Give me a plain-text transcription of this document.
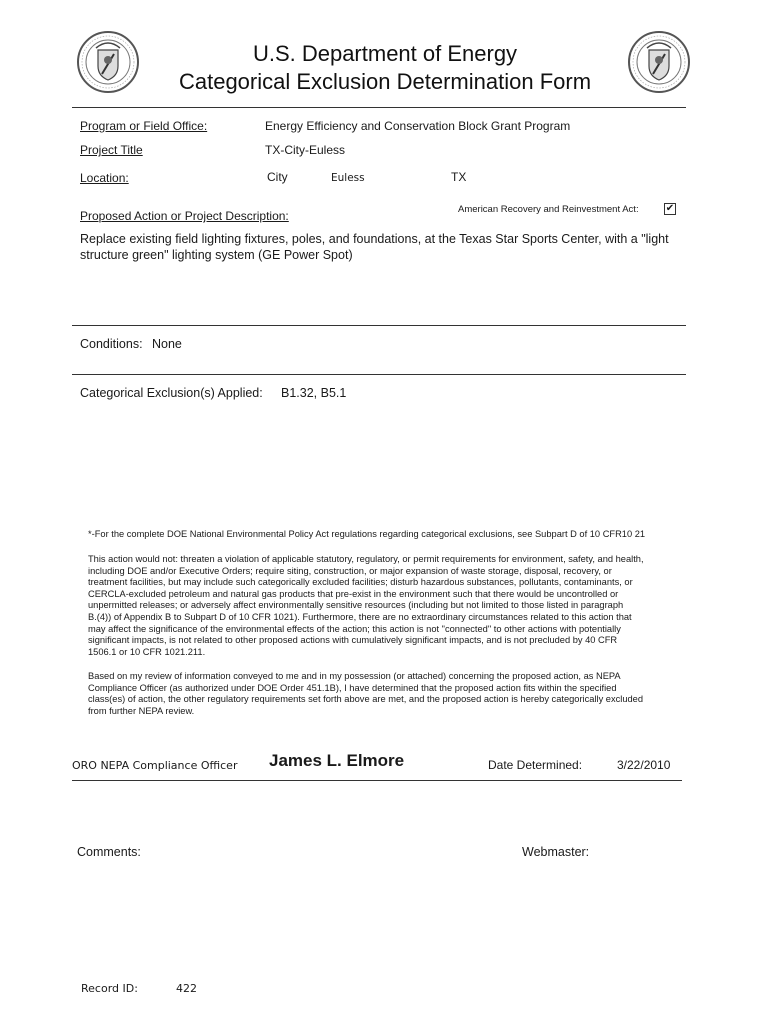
U.S. Department of Energy
Categorical Exclusion Determination Form
Program or Field Office:	Energy Efficiency and Conservation Block Grant Program
Project Title	TX-City-Euless
Location:	City	Euless	TX
American Recovery and Reinvestment Act:	✔
Proposed Action or Project Description:
Replace existing field lighting fixtures, poles, and foundations, at the Texas Star Sports Center, with a "light
structure green" lighting system (GE Power Spot)
Conditions: None
Categorical Exclusion(s) Applied: B1.32, B5.1
*-For the complete DOE National Environmental Policy Act regulations regarding categorical exclusions, see Subpart D of 10 CFR10 21
This action would not: threaten a violation of applicable statutory, regulatory, or permit requirements for environment, safety, and health,
including DOE and/or Executive Orders; require siting, construction, or major expansion of waste storage, disposal, recovery, or
treatment facilities, but may include such categorically excluded facilities; disturb hazardous substances, pollutants, contaminants, or
CERCLA-excluded petroleum and natural gas products that pre-exist in the environment such that there would be uncontrolled or
unpermitted releases; or adversely affect environmentally sensitive resources (including but not limited to those listed in paragraph
B.(4)) of Appendix B to Subpart D of 10 CFR 1021). Furthermore, there are no extraordinary circumstances related to this action that
may affect the significance of the environmental effects of the action; this action is not "connected" to other actions with potentially
significant impacts, is not related to other proposed actions with cumulatively significant impacts, and is not precluded by 40 CFR
1506.1 or 10 CFR 1021.211.
Based on my review of information conveyed to me and in my possession (or attached) concerning the proposed action, as NEPA
Compliance Officer (as authorized under DOE Order 451.1B), I have determined that the proposed action fits within the specified
class(es) of action, the other regulatory requirements set forth above are met, and the proposed action is hereby categorically excluded
from further NEPA review.
ORO NEPA Compliance Officer James L. Elmore	Date Determined:	3/22/2010
Comments:	Webmaster:
Record ID:	422
